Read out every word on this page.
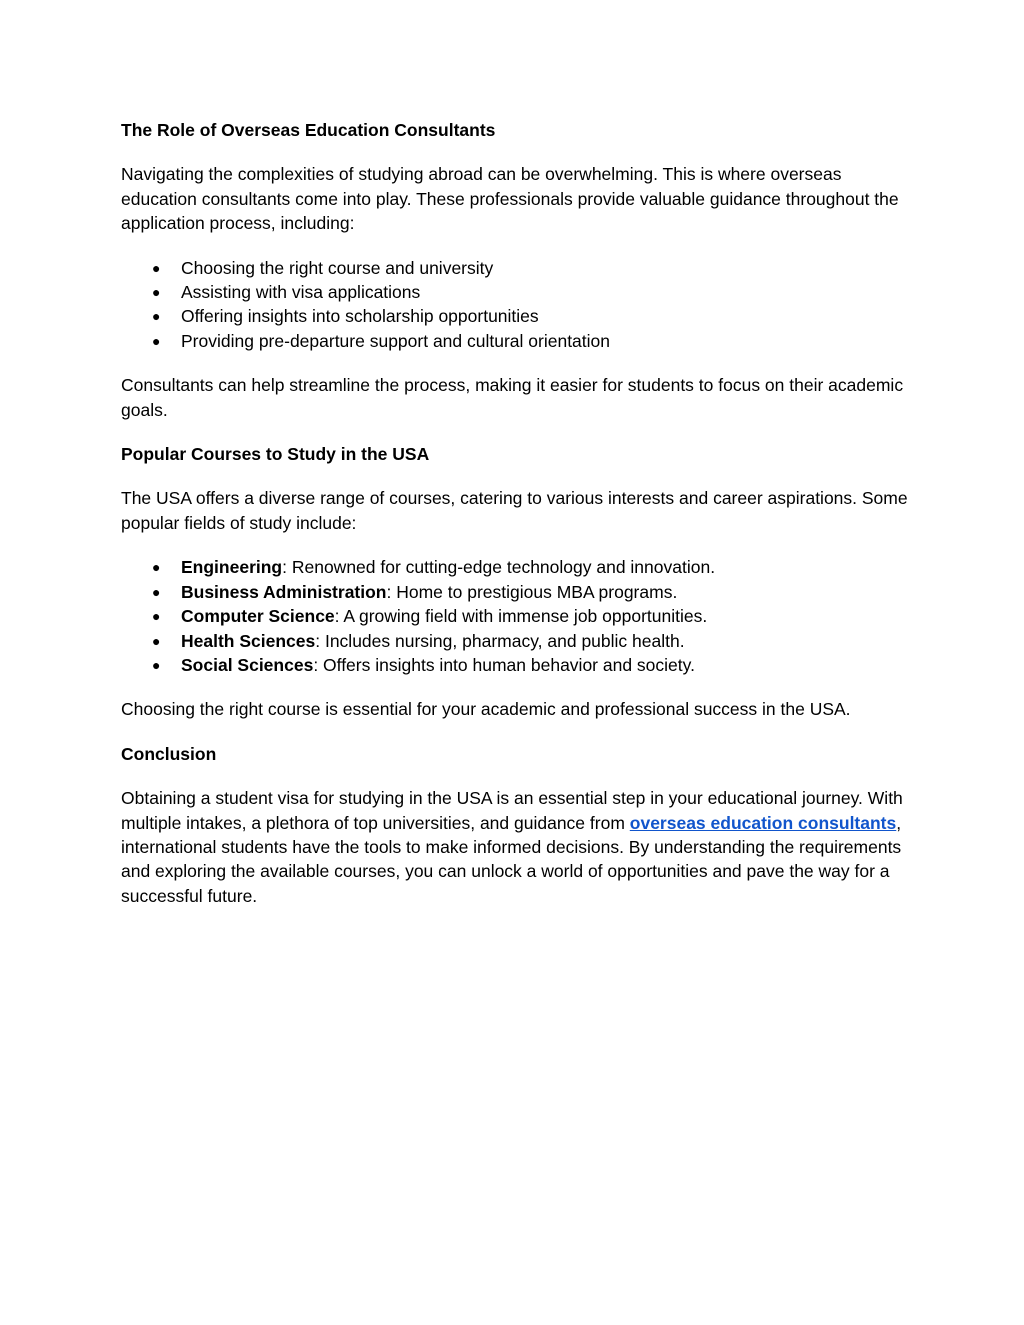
The Role of Overseas Education Consultants
Navigating the complexities of studying abroad can be overwhelming. This is where overseas education consultants come into play. These professionals provide valuable guidance throughout the application process, including:
● Choosing the right course and university
● Assisting with visa applications
● Offering insights into scholarship opportunities
● Providing pre-departure support and cultural orientation
Consultants can help streamline the process, making it easier for students to focus on their academic goals.
Popular Courses to Study in the USA
The USA offers a diverse range of courses, catering to various interests and career aspirations. Some popular fields of study include:
● Engineering: Renowned for cutting-edge technology and innovation.
● Business Administration: Home to prestigious MBA programs.
● Computer Science: A growing field with immense job opportunities.
● Health Sciences: Includes nursing, pharmacy, and public health.
● Social Sciences: Offers insights into human behavior and society.
Choosing the right course is essential for your academic and professional success in the USA.
Conclusion
Obtaining a student visa for studying in the USA is an essential step in your educational journey. With multiple intakes, a plethora of top universities, and guidance from overseas education consultants, international students have the tools to make informed decisions. By understanding the requirements and exploring the available courses, you can unlock a world of opportunities and pave the way for a successful future.
